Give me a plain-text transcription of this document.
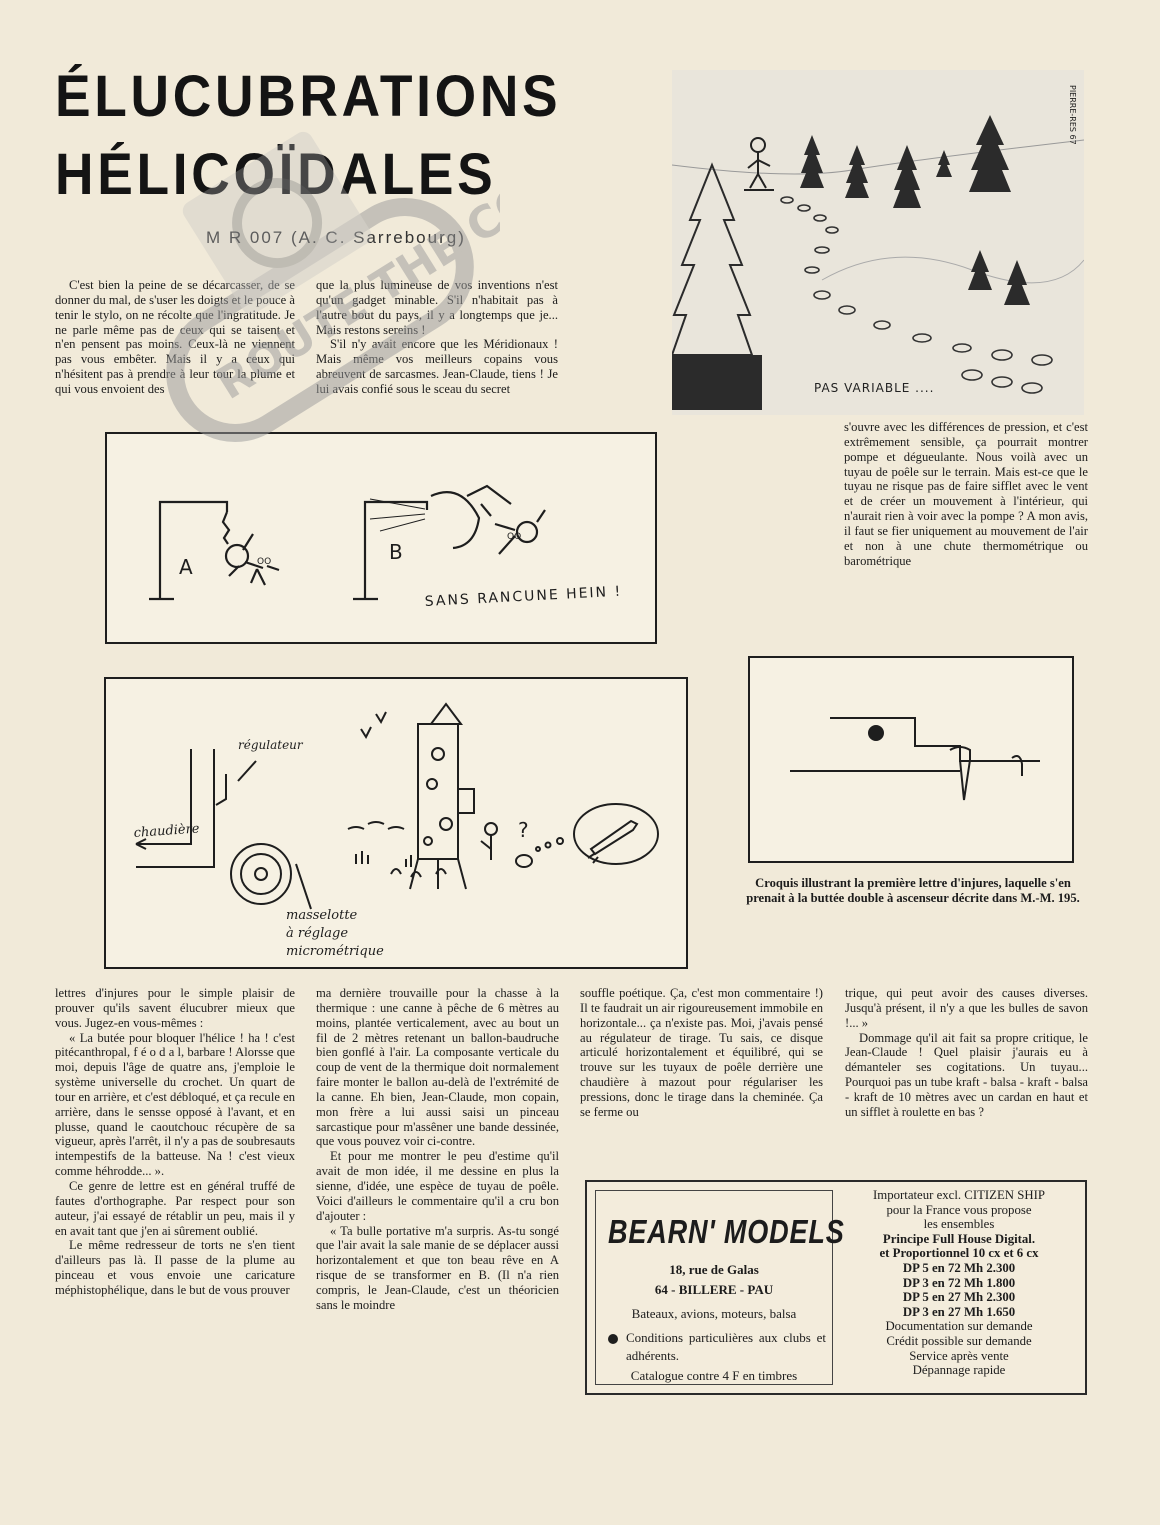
ÉLUCUBRATIONS
HÉLICOÏDALES
M R 007 (A. C. Sarrebourg)
PAS VARIABLE ....
PIERRE-RES 67

C'est bien la peine de se décarcasser, de se donner du mal, de s'user les doigts et le pouce à tenir le stylo, on ne récolte que l'ingratitude. Je ne parle même pas de ceux qui se taisent et n'en pensent pas moins. Ceux-là ne viennent pas vous embêter. Mais il y a ceux qui n'hésitent pas à prendre à leur tour la plume et qui vous envoient des

que la plus lumineuse de vos inventions n'est qu'un gadget minable. S'il n'habitait pas à l'autre bout du pays, il y a longtemps que je... Mais restons sereins !

S'il n'y avait encore que les Méridionaux ! Mais même vos meilleurs copains vous abreuvent de sarcasmes. Jean-Claude, tiens ! Je lui avais confié sous le sceau du secret

s'ouvre avec les différences de pression, et c'est extrêmement sensible, ça pourrait montrer pompe et dégueulante. Nous voilà avec un tuyau de poêle sur le terrain. Mais est-ce que le tuyau ne risque pas de faire sifflet avec le vent et de créer un mouvement à l'intérieur, qui n'aurait rien à voir avec la pompe ? A mon avis, il faut se fier uniquement au mouvement de l'air et non à une chute thermométrique ou barométrique

A
B
OO
OO
SANS RANCUNE HEIN !
régulateur
chaudière
masselotte
à réglage
micrométrique
?
Croquis illustrant la première lettre d'injures, laquelle s'en prenait à la buttée double à ascenseur décrite dans M.-M. 195.

lettres d'injures pour le simple plaisir de prouver qu'ils savent élucubrer mieux que vous. Jugez-en vous-mêmes :

« La butée pour bloquer l'hélice ! ha ! c'est pitécanthropal, f é o d a l, barbare ! Alorsse que moi, depuis l'âge de quatre ans, j'emploie le système universelle du crochet. Un quart de tour en arrière, et c'est débloqué, et ça recule en arrière, dans le sensse opposé à l'avant, et en plusse, quand le caoutchouc récupère de sa vigueur, après l'arrêt, il n'y a pas de soubresauts intempestifs de la batteuse. Na ! c'est vieux comme héhrodde... ».

Ce genre de lettre est en général truffé de fautes d'orthographe. Par respect pour son auteur, j'ai essayé de rétablir un peu, mais il y en avait tant que j'en ai sûrement oublié.

Le même redresseur de torts ne s'en tient d'ailleurs pas là. Il passe de la plume au pinceau et vous envoie une caricature méphistophélique, dans le but de vous prouver

ma dernière trouvaille pour la chasse à la thermique : une canne à pêche de 6 mètres au moins, plantée verticalement, avec au bout un fil de 2 mètres retenant un ballon-baudruche bien gonflé à l'air. La composante verticale du coup de vent de la thermique doit normalement faire monter le ballon au-delà de l'extrémité de la canne. Eh bien, Jean-Claude, mon copain, mon frère a lui aussi saisi un pinceau sarcastique pour m'assêner une bande dessinée, que vous pouvez voir ci-contre.

Et pour me montrer le peu d'estime qu'il avait de mon idée, il me dessine en plus la sienne, d'idée, une espèce de tuyau de poêle. Voici d'ailleurs le commentaire qu'il a cru bon d'ajouter :

« Ta bulle portative m'a surpris. As-tu songé que l'air avait la sale manie de se déplacer aussi horizontalement et que ton beau rêve en A risque de se transformer en B. (Il n'a rien compris, le Jean-Claude, c'est un théoricien sans le moindre

souffle poétique. Ça, c'est mon commentaire !) Il te faudrait un air rigoureusement immobile en horizontale... ça n'existe pas. Moi, j'avais pensé au régulateur de tirage. Tu sais, ce disque articulé horizontalement et équilibré, qui se trouve sur les tuyaux de poêle derrière une chaudière à mazout pour régulariser les pressions, donc le tirage dans la cheminée. Ça se ferme ou

trique, qui peut avoir des causes diverses. Jusqu'à présent, il n'y a que les bulles de savon !... »

Dommage qu'il ait fait sa propre critique, le Jean-Claude ! Quel plaisir j'aurais eu à démanteler ses cogitations. Un tuyau... Pourquoi pas un tube kraft - balsa - kraft - balsa - kraft de 10 mètres avec un cardan en haut et un sifflet à roulette en bas ?

BEARN' MODELS
18, rue de Galas
64 - BILLERE - PAU
Bateaux, avions, moteurs, balsa
Conditions particulières aux clubs et adhérents.
Catalogue contre 4 F en timbres
Importateur excl. CITIZEN SHIP
pour la France vous propose
les ensembles
Principe Full House Digital.
et Proportionnel 10 cx et 6 cx
DP 5 en 72 Mh 2.300
DP 3 en 72 Mh 1.800
DP 5 en 27 Mh 2.300
DP 3 en 27 Mh 1.650
Documentation sur demande
Crédit possible sur demande
Service après vente
Dépannage rapide
ROUTE THE COM
